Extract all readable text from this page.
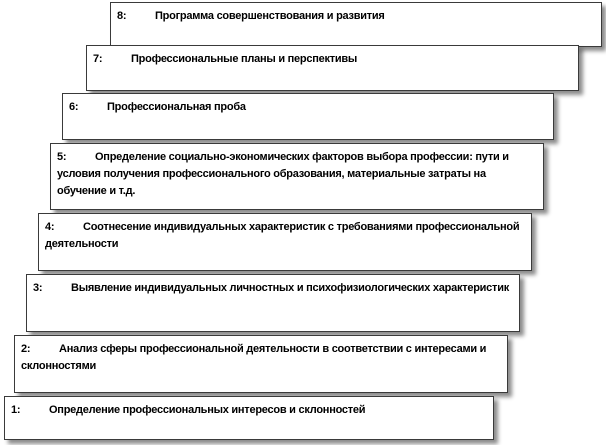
8:	Программа совершенствования и развития
7:	Профессиональные планы и перспективы
6:	Профессиональная проба
5:	Определение социально-экономических факторов выбора профессии: пути и условия получения профессионального образования, материальные затраты на обучение и т.д.
4:	Соотнесение индивидуальных характеристик с требованиями профессиональной деятельности
3:	Выявление индивидуальных личностных и психофизиологических характеристик
2:	Анализ сферы профессиональной деятельности в соответствии с интересами и склонностями
1:	Определение профессиональных интересов и склонностей
